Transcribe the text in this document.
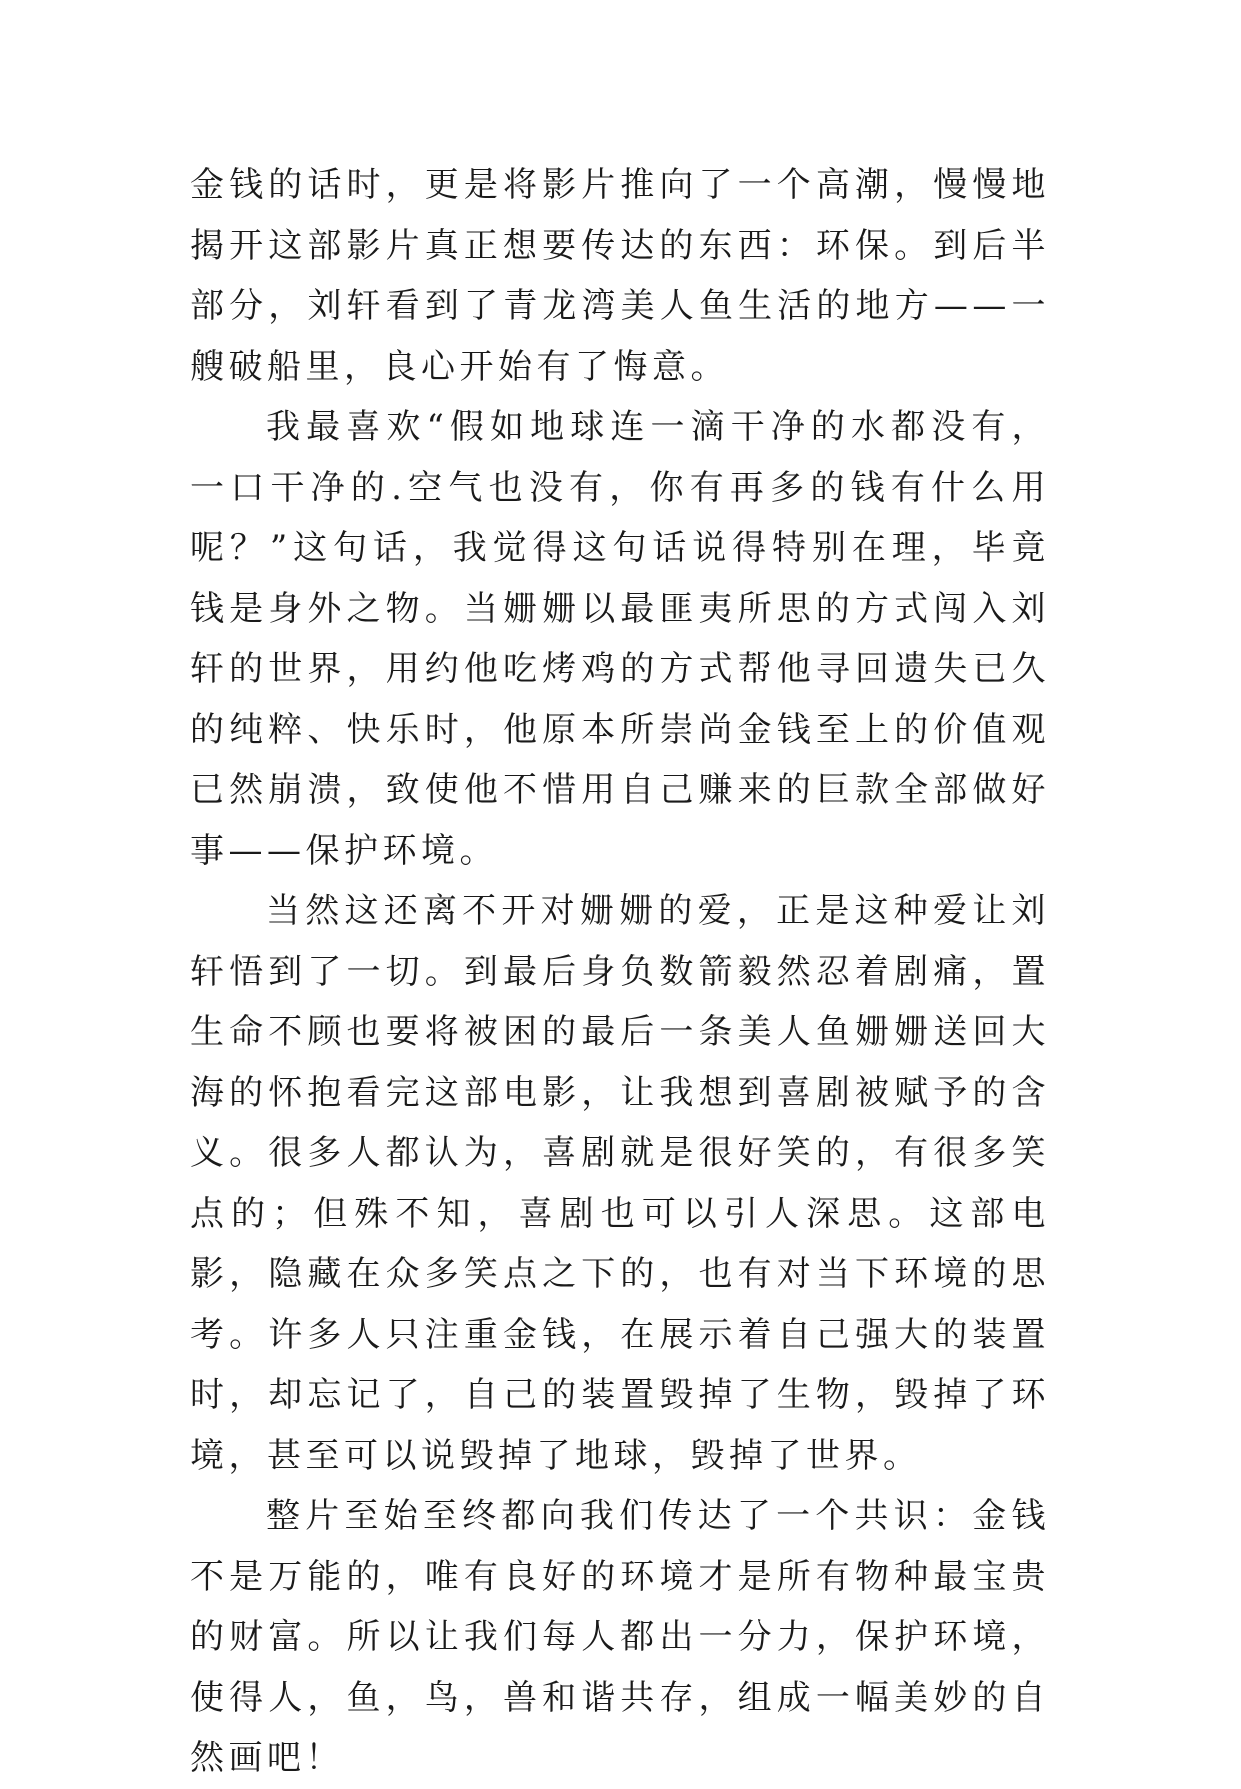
金钱的话时，更是将影片推向了一个高潮，慢慢地揭开这部影片真正想要传达的东西：环保。到后半部分，刘轩看到了青龙湾美人鱼生活的地方——一艘破船里，良心开始有了悔意。

我最喜欢“假如地球连一滴干净的水都没有，一口干净的.空气也没有，你有再多的钱有什么用呢？”这句话，我觉得这句话说得特别在理，毕竟钱是身外之物。当姗姗以最匪夷所思的方式闯入刘轩的世界，用约他吃烤鸡的方式帮他寻回遗失已久的纯粹、快乐时，他原本所崇尚金钱至上的价值观已然崩溃，致使他不惜用自己赚来的巨款全部做好事——保护环境。

当然这还离不开对姗姗的爱，正是这种爱让刘轩悟到了一切。到最后身负数箭毅然忍着剧痛，置生命不顾也要将被困的最后一条美人鱼姗姗送回大海的怀抱看完这部电影，让我想到喜剧被赋予的含义。很多人都认为，喜剧就是很好笑的，有很多笑点的；但殊不知，喜剧也可以引人深思。这部电影，隐藏在众多笑点之下的，也有对当下环境的思考。许多人只注重金钱，在展示着自己强大的装置时，却忘记了，自己的装置毁掉了生物，毁掉了环境，甚至可以说毁掉了地球，毁掉了世界。

整片至始至终都向我们传达了一个共识：金钱不是万能的，唯有良好的环境才是所有物种最宝贵的财富。所以让我们每人都出一分力，保护环境，使得人，鱼，鸟，兽和谐共存，组成一幅美妙的自然画吧！
